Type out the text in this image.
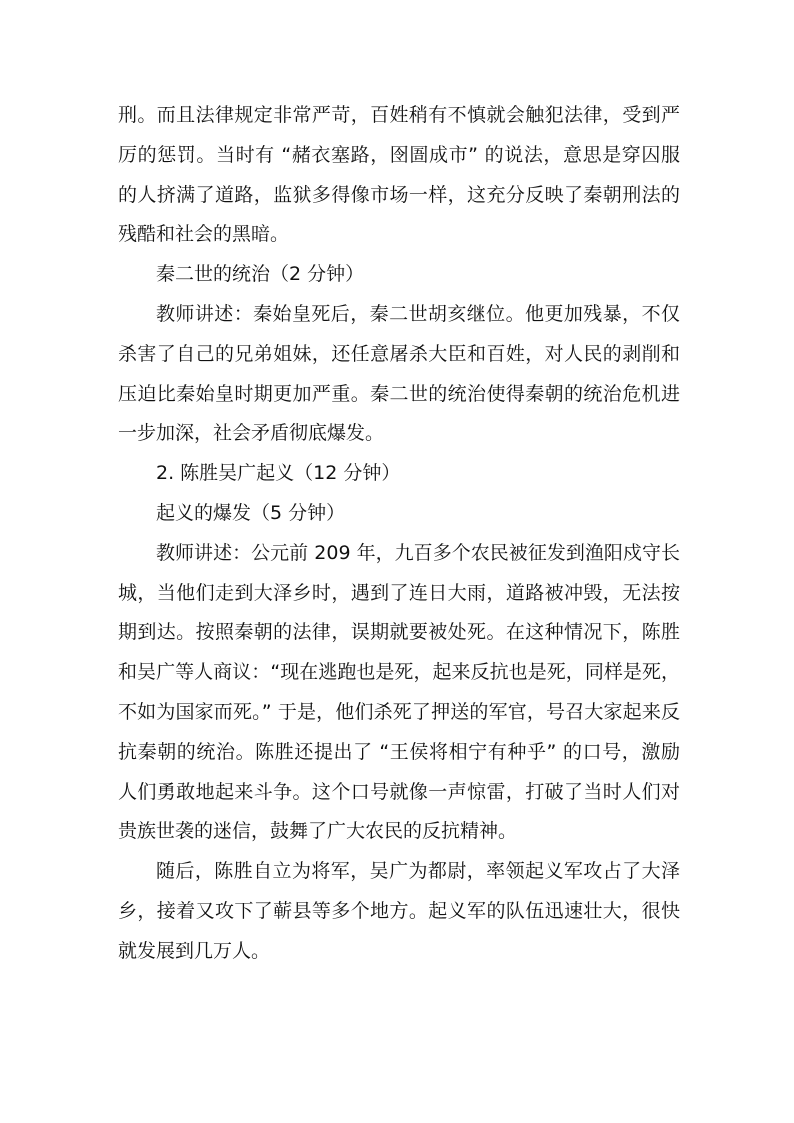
刑。而且法律规定非常严苛，百姓稍有不慎就会触犯法律，受到严厉的惩罚。当时有 “赭衣塞路，囹圄成市” 的说法，意思是穿囚服的人挤满了道路，监狱多得像市场一样，这充分反映了秦朝刑法的残酷和社会的黑暗。

秦二世的统治（2 分钟）

教师讲述：秦始皇死后，秦二世胡亥继位。他更加残暴，不仅杀害了自己的兄弟姐妹，还任意屠杀大臣和百姓，对人民的剥削和压迫比秦始皇时期更加严重。秦二世的统治使得秦朝的统治危机进一步加深，社会矛盾彻底爆发。

2. 陈胜吴广起义（12 分钟）

起义的爆发（5 分钟）

教师讲述：公元前 209 年，九百多个农民被征发到渔阳戍守长城，当他们走到大泽乡时，遇到了连日大雨，道路被冲毁，无法按期到达。按照秦朝的法律，误期就要被处死。在这种情况下，陈胜和吴广等人商议：“现在逃跑也是死，起来反抗也是死，同样是死，不如为国家而死。” 于是，他们杀死了押送的军官，号召大家起来反抗秦朝的统治。陈胜还提出了 “王侯将相宁有种乎” 的口号，激励人们勇敢地起来斗争。这个口号就像一声惊雷，打破了当时人们对贵族世袭的迷信，鼓舞了广大农民的反抗精神。

随后，陈胜自立为将军，吴广为都尉，率领起义军攻占了大泽乡，接着又攻下了蕲县等多个地方。起义军的队伍迅速壮大，很快就发展到几万人。
